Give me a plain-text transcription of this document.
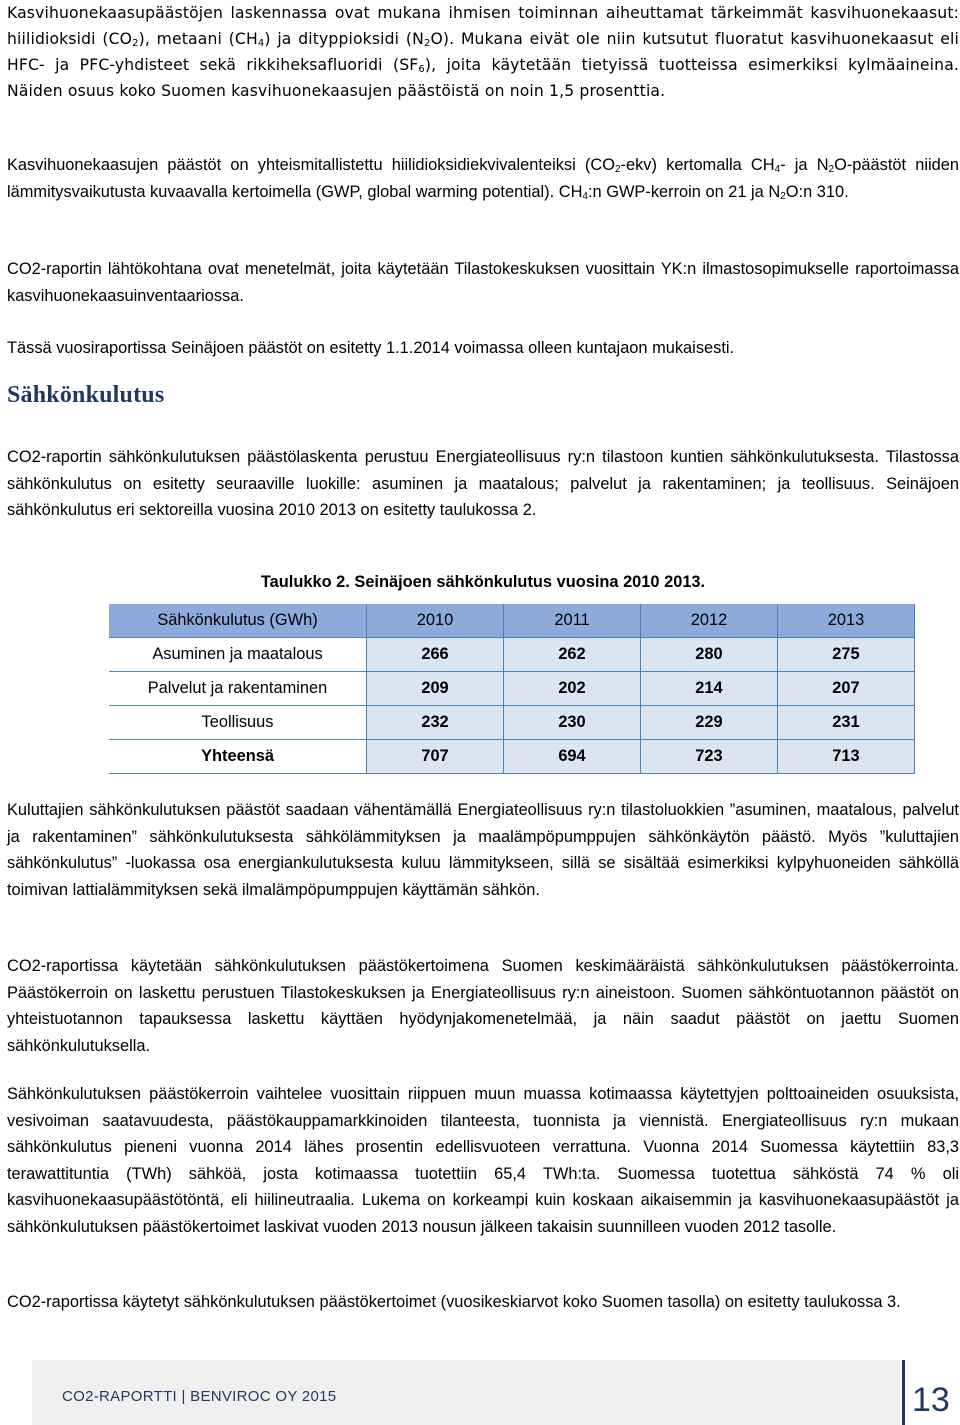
Kasvihuonekaasupäästöjen laskennassa ovat mukana ihmisen toiminnan aiheuttamat tärkeimmät kasvihuonekaasut: hiilidioksidi $(CO_2)$, metaani $(CH_4)$ ja dityppioksidi $(N_2O)$. Mukana eivät ole niin kutsutut fluoratut kasvihuonekaasut eli HFC- ja PFC-yhdisteet sekä rikkiheksafluoridi $(SF_6)$, joita käytetään tietyissä tuotteissa esimerkiksi kylmäaineina. Näiden osuus koko Suomen kasvihuonekaasujen päästöistä on noin 1,5 prosenttia.

Kasvihuonekaasujen päästöt on yhteismitallistettu hiilidioksidiekvivalenteiksi $(CO_2-ekv)$ kertomalla $CH_4-$ ja $N_2O$-päästöt niiden lämmitysvaikutusta kuvaavalla kertoimella (GWP, global warming potential). $CH_4:n$ GWP-kerroin on 21 ja $N_2O:n$ 310.

CO2-raportin lähtökohtana ovat menetelmät, joita käytetään Tilastokeskuksen vuosittain YK:n ilmastosopimukselle raportoimassa kasvihuonekaasuinventaariossa.

Tässä vuosiraportissa Seinäjoen päästöt on esitetty 1.1.2014 voimassa olleen kuntajaon mukaisesti.

Sähkönkulutus

CO2-raportin sähkönkulutuksen päästölaskenta perustuu Energiateollisuus ry:n tilastoon kuntien sähkönkulutuksesta. Tilastossa sähkönkulutus on esitetty seuraaville luokille: asuminen ja maatalous; palvelut ja rakentaminen; ja teollisuus. Seinäjoen sähkönkulutus eri sektoreilla vuosina 2010 2013 on esitetty taulukossa 2.

Taulukko 2. Seinäjoen sähkönkulutus vuosina 2010 2013.
Sähkönkulutus (GWh)	2010	2011	2012	2013
Asuminen ja maatalous	266	262	280	275
Palvelut ja rakentaminen	209	202	214	207
Teollisuus	232	230	229	231
Yhteensä	707	694	723	713

Kuluttajien sähkönkulutuksen päästöt saadaan vähentämällä Energiateollisuus ry:n tilastoluokkien ”asuminen, maatalous, palvelut ja rakentaminen” sähkönkulutuksesta sähkölämmityksen ja maalämpöpumppujen sähkönkäytön päästö. Myös ”kuluttajien sähkönkulutus” -luokassa osa energiankulutuksesta kuluu lämmitykseen, sillä se sisältää esimerkiksi kylpyhuoneiden sähköllä toimivan lattialämmityksen sekä ilmalämpöpumppujen käyttämän sähkön.

CO2-raportissa käytetään sähkönkulutuksen päästökertoimena Suomen keskimääräistä sähkönkulutuksen päästökerrointa. Päästökerroin on laskettu perustuen Tilastokeskuksen ja Energiateollisuus ry:n aineistoon. Suomen sähköntuotannon päästöt on yhteistuotannon tapauksessa laskettu käyttäen hyödynjakomenetelmää, ja näin saadut päästöt on jaettu Suomen sähkönkulutuksella.

Sähkönkulutuksen päästökerroin vaihtelee vuosittain riippuen muun muassa kotimaassa käytettyjen polttoaineiden osuuksista, vesivoiman saatavuudesta, päästökauppamarkkinoiden tilanteesta, tuonnista ja viennistä. Energiateollisuus ry:n mukaan sähkönkulutus pieneni vuonna 2014 lähes prosentin edellisvuoteen verrattuna. Vuonna 2014 Suomessa käytettiin 83,3 terawattituntia (TWh) sähköä, josta kotimaassa tuotettiin 65,4 TWh:ta. Suomessa tuotettua sähköstä 74 % oli kasvihuonekaasupäästötöntä, eli hiilineutraalia. Lukema on korkeampi kuin koskaan aikaisemmin ja kasvihuonekaasupäästöt ja sähkönkulutuksen päästökertoimet laskivat vuoden 2013 nousun jälkeen takaisin suunnilleen vuoden 2012 tasolle.

CO2-raportissa käytetyt sähkönkulutuksen päästökertoimet (vuosikeskiarvot koko Suomen tasolla) on esitetty taulukossa 3.

CO2-RAPORTTI | BENVIROC OY 2015	13
